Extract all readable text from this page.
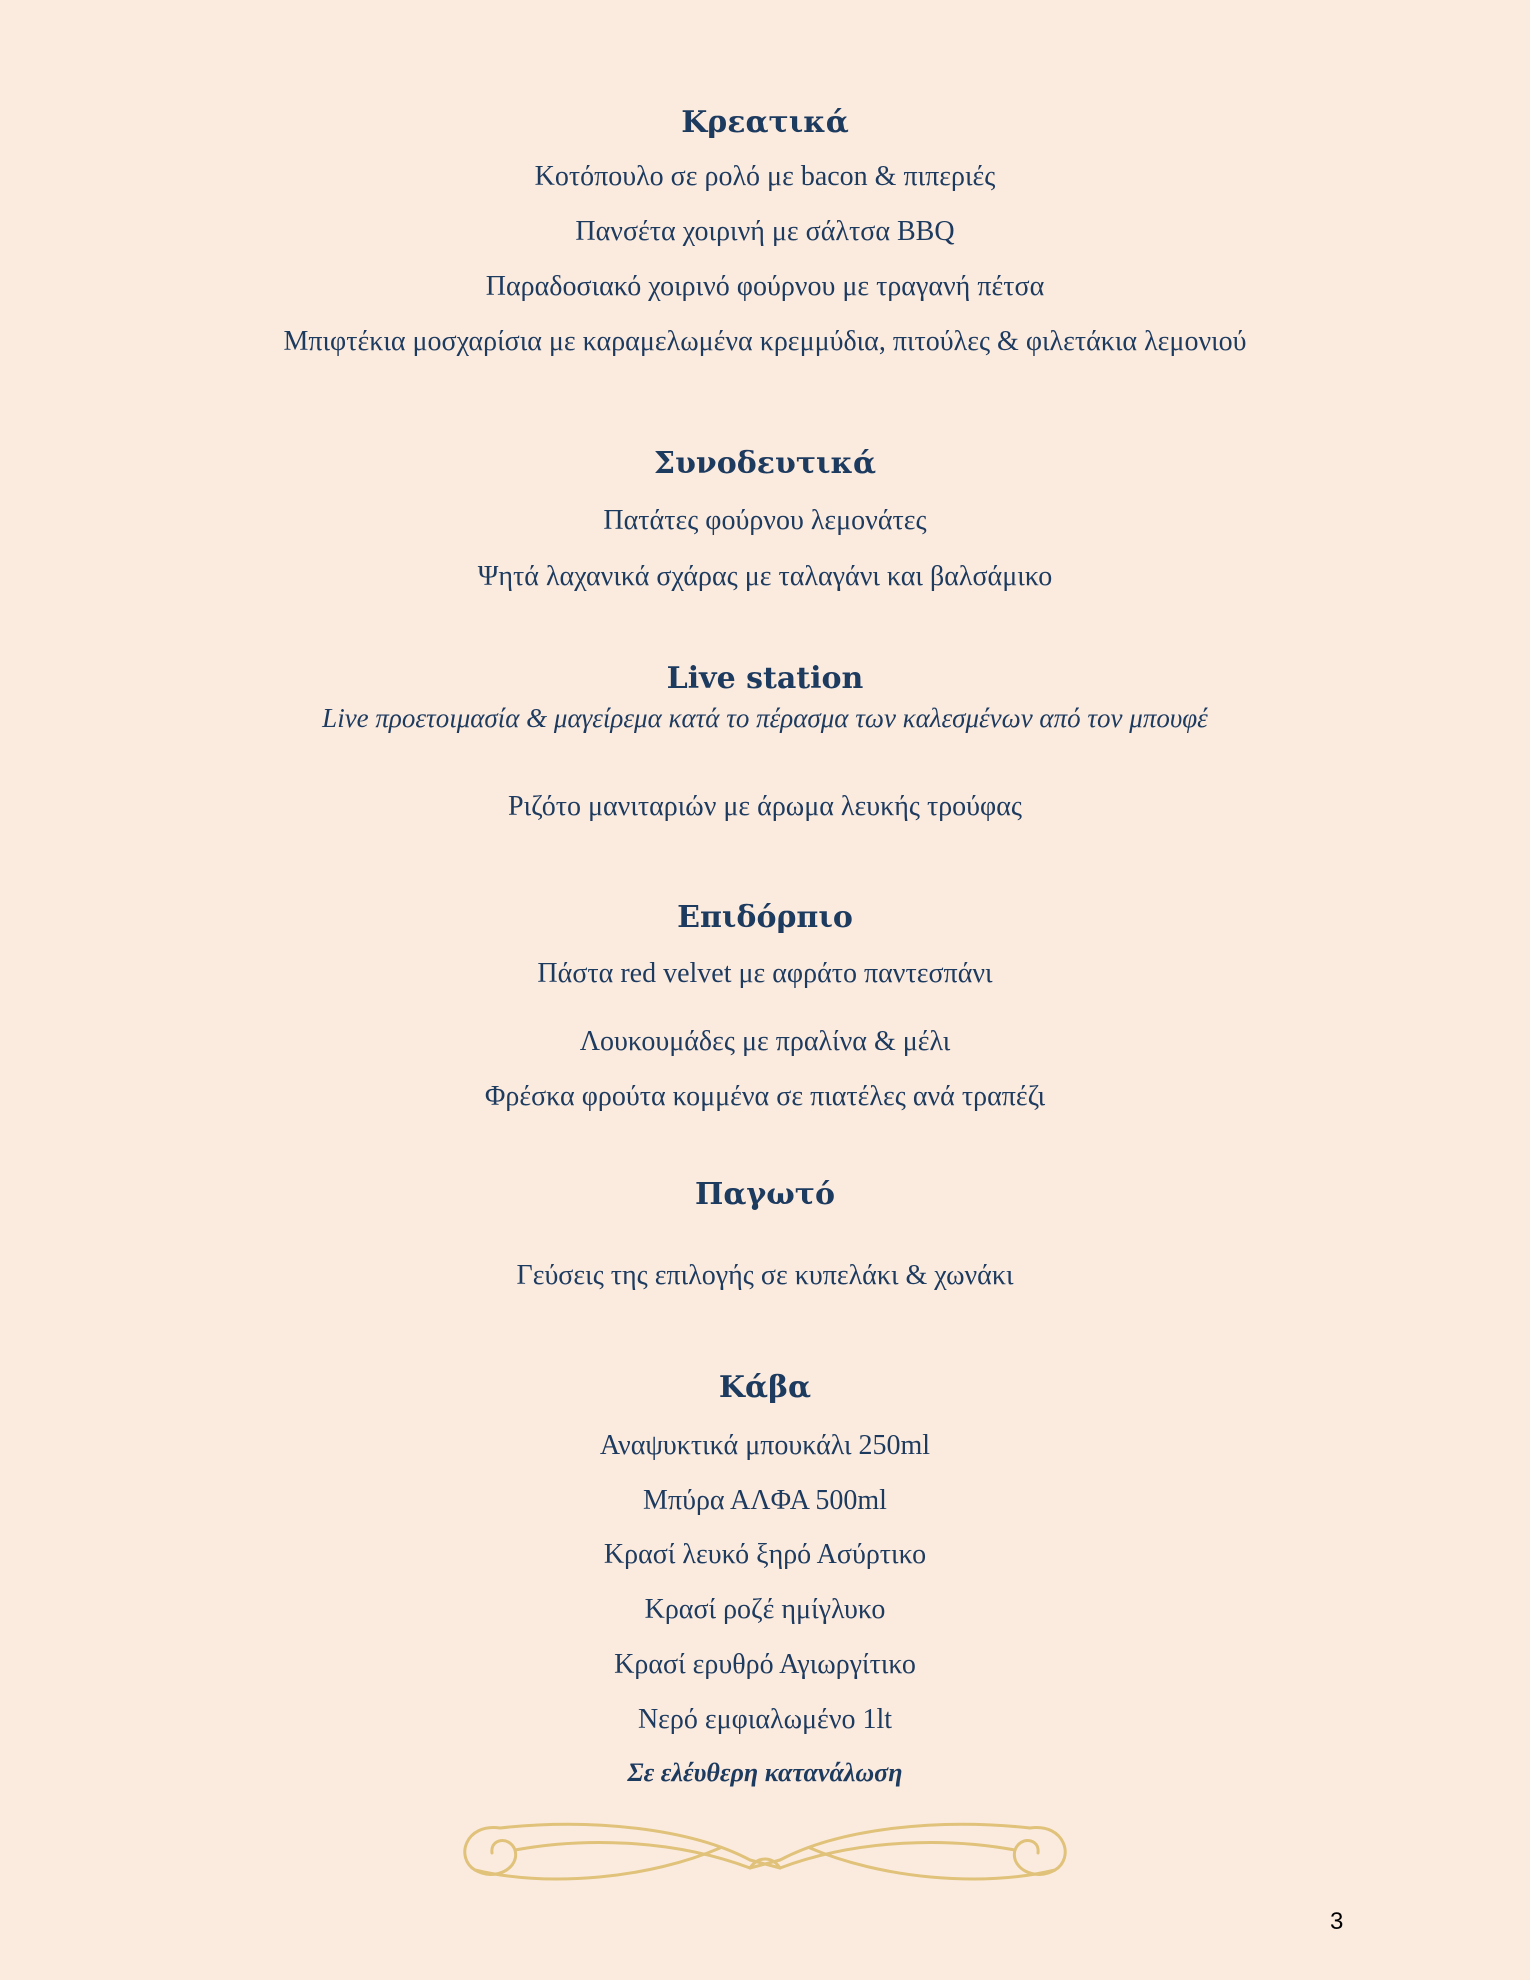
Κρεατικά
Κοτόπουλο σε ρολό με bacon & πιπεριές
Πανσέτα χοιρινή με σάλτσα BBQ
Παραδοσιακό χοιρινό φούρνου με τραγανή πέτσα
Μπιφτέκια μοσχαρίσια με καραμελωμένα κρεμμύδια, πιτούλες & φιλετάκια λεμονιού
Συνοδευτικά
Πατάτες φούρνου λεμονάτες
Ψητά λαχανικά σχάρας με ταλαγάνι και βαλσάμικο
Live station
Live προετοιμασία & μαγείρεμα κατά το πέρασμα των καλεσμένων από τον μπουφέ
Ριζότο μανιταριών με άρωμα λευκής τρούφας
Επιδόρπιο
Πάστα red velvet με αφράτο παντεσπάνι
Λουκουμάδες με πραλίνα & μέλι
Φρέσκα φρούτα κομμένα σε πιατέλες ανά τραπέζι
Παγωτό
Γεύσεις της επιλογής σε κυπελάκι & χωνάκι
Κάβα
Αναψυκτικά μπουκάλι 250ml
Μπύρα ΑΛΦΑ 500ml
Κρασί λευκό ξηρό Ασύρτικο
Κρασί ροζέ ημίγλυκο
Κρασί ερυθρό Αγιωργίτικο
Νερό εμφιαλωμένο 1lt
Σε ελέυθερη κατανάλωση
3
